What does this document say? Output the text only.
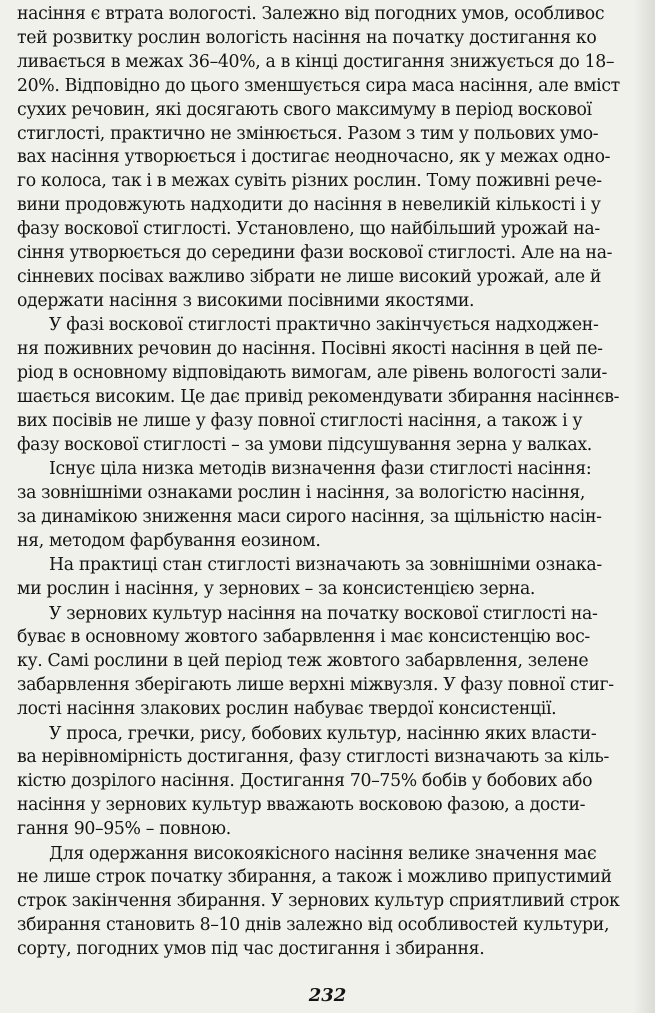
насіння є втрата вологості. Залежно від погодних умов, особливос
тей розвитку рослин вологість насіння на початку достигання ко
ливається в межах 36–40%, а в кінці достигання знижується до 18–
20%. Відповідно до цього зменшується сира маса насіння, але вміст
сухих речовин, які досягають свого максимуму в період воскової
стиглості, практично не змінюється. Разом з тим у польових умо-
вах насіння утворюється і достигає неодночасно, як у межах одно-
го колоса, так і в межах сувіть різних рослин. Тому поживні рече-
вини продовжують надходити до насіння в невеликій кількості і у
фазу воскової стиглості. Установлено, що найбільший урожай на-
сіння утворюється до середини фази воскової стиглості. Але на на-
сінневих посівах важливо зібрати не лише високий урожай, але й
одержати насіння з високими посівними якостями.
У фазі воскової стиглості практично закінчується надходжен-
ня поживних речовин до насіння. Посівні якості насіння в цей пе-
ріод в основному відповідають вимогам, але рівень вологості зали-
шається високим. Це дає привід рекомендувати збирання насіннєв-
вих посівів не лише у фазу повної стиглості насіння, а також і у
фазу воскової стиглості – за умови підсушування зерна у валках.
Існує ціла низка методів визначення фази стиглості насіння:
за зовнішніми ознаками рослин і насіння, за вологістю насіння,
за динамікою зниження маси сирого насіння, за щільністю насін-
ня, методом фарбування еозином.
На практиці стан стиглості визначають за зовнішніми ознака-
ми рослин і насіння, у зернових – за консистенцією зерна.
У зернових культур насіння на початку воскової стиглості на-
буває в основному жовтого забарвлення і має консистенцію вос-
ку. Самі рослини в цей період теж жовтого забарвлення, зелене
забарвлення зберігають лише верхні міжвузля. У фазу повної стиг-
лості насіння злакових рослин набуває твердої консистенції.
У проса, гречки, рису, бобових культур, насінню яких власти-
ва нерівномірність достигання, фазу стиглості визначають за кіль-
кістю дозрілого насіння. Достигання 70–75% бобів у бобових або
насіння у зернових культур вважають восковою фазою, а дости-
гання 90–95% – повною.
Для одержання високоякісного насіння велике значення має
не лише строк початку збирання, а також і можливо припустимий
строк закінчення збирання. У зернових культур сприятливий строк
збирання становить 8–10 днів залежно від особливостей культури,
сорту, погодних умов під час достигання і збирання.
232
